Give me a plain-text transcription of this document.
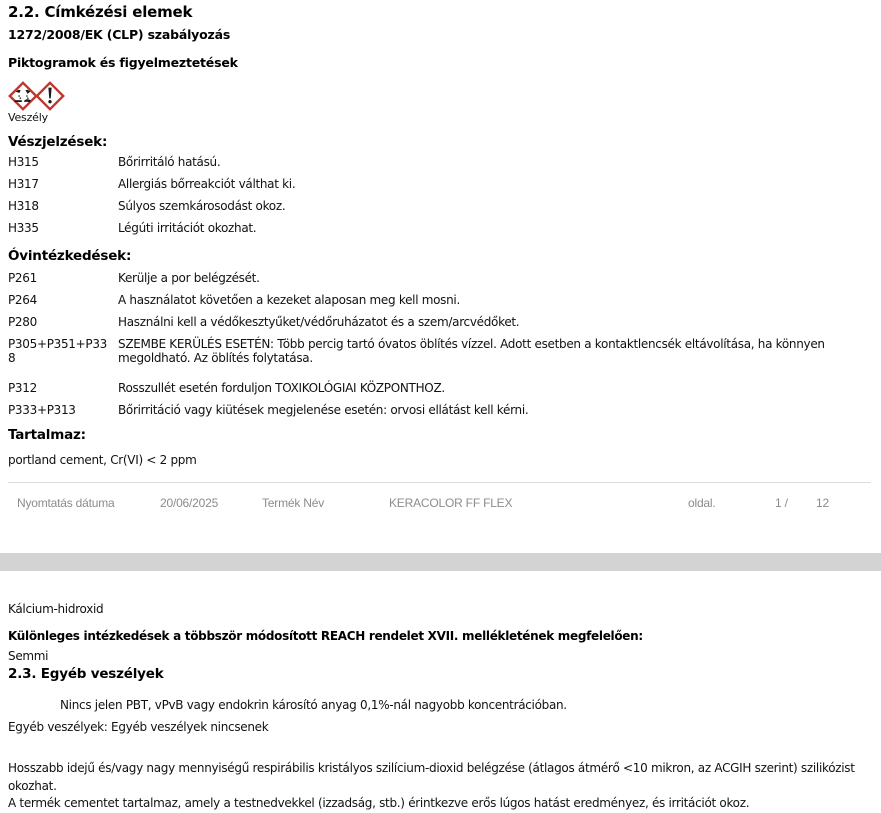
2.2. Címkézési elemek
1272/2008/EK (CLP) szabályozás
Piktogramok és figyelmeztetések
Veszély
Vészjelzések:
H315	Bőrirritáló hatású.
H317	Allergiás bőrreakciót válthat ki.
H318	Súlyos szemkárosodást okoz.
H335	Légúti irritációt okozhat.
Óvintézkedések:
P261	Kerülje a por belégzését.
P264	A használatot követően a kezeket alaposan meg kell mosni.
P280	Használni kell a védőkesztyűket/védőruházatot és a szem/arcvédőket.
P305+P351+P338
SZEMBE KERÜLÉS ESETÉN: Több percig tartó óvatos öblítés vízzel. Adott esetben a kontaktlencsék eltávolítása, ha könnyen megoldható. Az öblítés folytatása.
P312	Rosszullét esetén forduljon TOXIKOLÓGIAI KÖZPONTHOZ.
P333+P313	Bőrirritáció vagy kiütések megjelenése esetén: orvosi ellátást kell kérni.
Tartalmaz:
portland cement, Cr(VI) < 2 ppm
Nyomtatás dátuma	20/06/2025	Termék Név	KERACOLOR FF FLEX	oldal.	1 / 12
Kálcium-hidroxid
Különleges intézkedések a többször módosított REACH rendelet XVII. mellékletének megfelelően:
Semmi
2.3. Egyéb veszélyek
Nincs jelen PBT, vPvB vagy endokrin károsító anyag 0,1%-nál nagyobb koncentrációban.
Egyéb veszélyek: Egyéb veszélyek nincsenek
Hosszabb idejű és/vagy nagy mennyiségű respirábilis kristályos szilícium-dioxid belégzése (átlagos átmérő <10 mikron, az ACGIH szerint) szilikózist okozhat.
A termék cementet tartalmaz, amely a testnedvekkel (izzadság, stb.) érintkezve erős lúgos hatást eredményez, és irritációt okoz.
